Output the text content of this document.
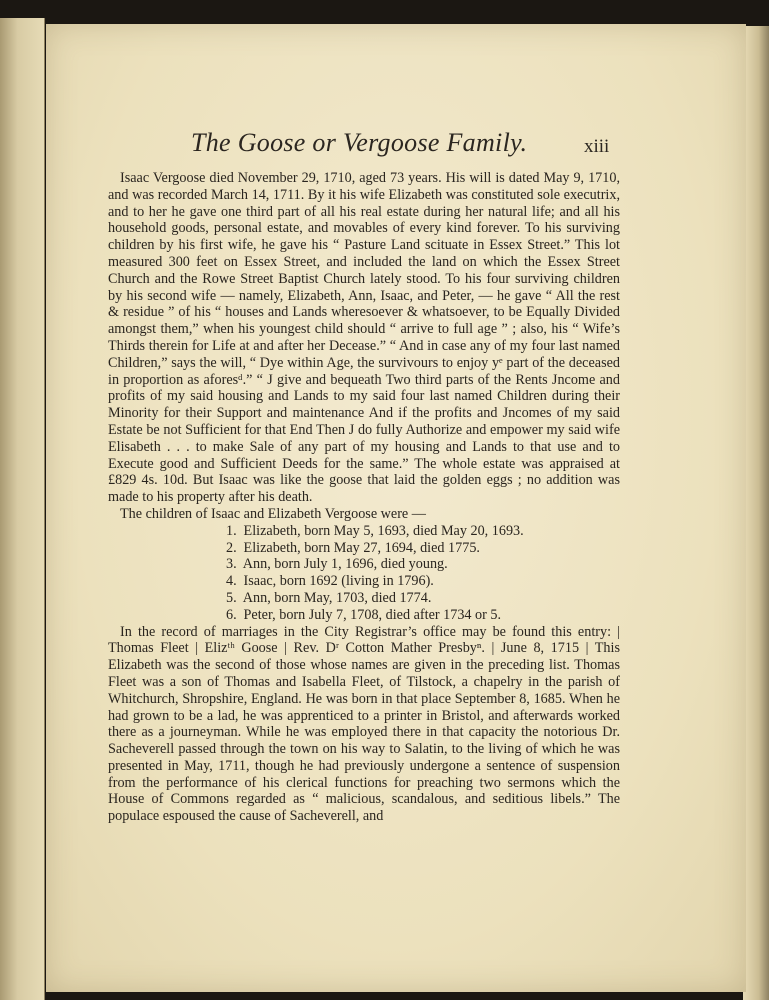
The Goose or Vergoose Family.	xiii

Isaac Vergoose died November 29, 1710, aged 73 years. His will is dated May 9, 1710, and was recorded March 14, 1711. By it his wife Elizabeth was constituted sole executrix, and to her he gave one third part of all his real estate during her natural life; and all his household goods, personal estate, and movables of every kind forever. To his surviving children by his first wife, he gave his “ Pasture Land scituate in Essex Street.” This lot measured 300 feet on Essex Street, and included the land on which the Essex Street Church and the Rowe Street Baptist Church lately stood. To his four surviving children by his second wife — namely, Elizabeth, Ann, Isaac, and Peter, — he gave “ All the rest & residue ” of his “ houses and Lands wheresoever & whatsoever, to be Equally Divided amongst them,” when his youngest child should “ arrive to full age ” ; also, his “ Wife’s Thirds therein for Life at and after her Decease.” “ And in case any of my four last named Children,” says the will, “ Dye within Age, the survivours to enjoy yᵉ part of the deceased in proportion as aforesᵈ.” “ J give and bequeath Two third parts of the Rents Jncome and profits of my said housing and Lands to my said four last named Children during their Minority for their Support and maintenance And if the profits and Jncomes of my said Estate be not Sufficient for that End Then J do fully Authorize and empower my said wife Elisabeth . . . to make Sale of any part of my housing and Lands to that use and to Execute good and Sufficient Deeds for the same.” The whole estate was appraised at £829 4s. 10d. But Isaac was like the goose that laid the golden eggs ; no addition was made to his property after his death.

The children of Isaac and Elizabeth Vergoose were —

1. Elizabeth, born May 5, 1693, died May 20, 1693.
2. Elizabeth, born May 27, 1694, died 1775.
3. Ann, born July 1, 1696, died young.
4. Isaac, born 1692 (living in 1796).
5. Ann, born May, 1703, died 1774.
6. Peter, born July 7, 1708, died after 1734 or 5.

In the record of marriages in the City Registrar’s office may be found this entry: | Thomas Fleet | Elizᵗʰ Goose | Rev. Dʳ Cotton Mather Presbyⁿ. | June 8, 1715 | This Elizabeth was the second of those whose names are given in the preceding list. Thomas Fleet was a son of Thomas and Isabella Fleet, of Tilstock, a chapelry in the parish of Whitchurch, Shropshire, England. He was born in that place September 8, 1685. When he had grown to be a lad, he was apprenticed to a printer in Bristol, and afterwards worked there as a journeyman. While he was employed there in that capacity the notorious Dr. Sacheverell passed through the town on his way to Salatin, to the living of which he was presented in May, 1711, though he had previously undergone a sentence of suspension from the performance of his clerical functions for preaching two sermons which the House of Commons regarded as “ malicious, scandalous, and seditious libels.” The populace espoused the cause of Sacheverell, and
